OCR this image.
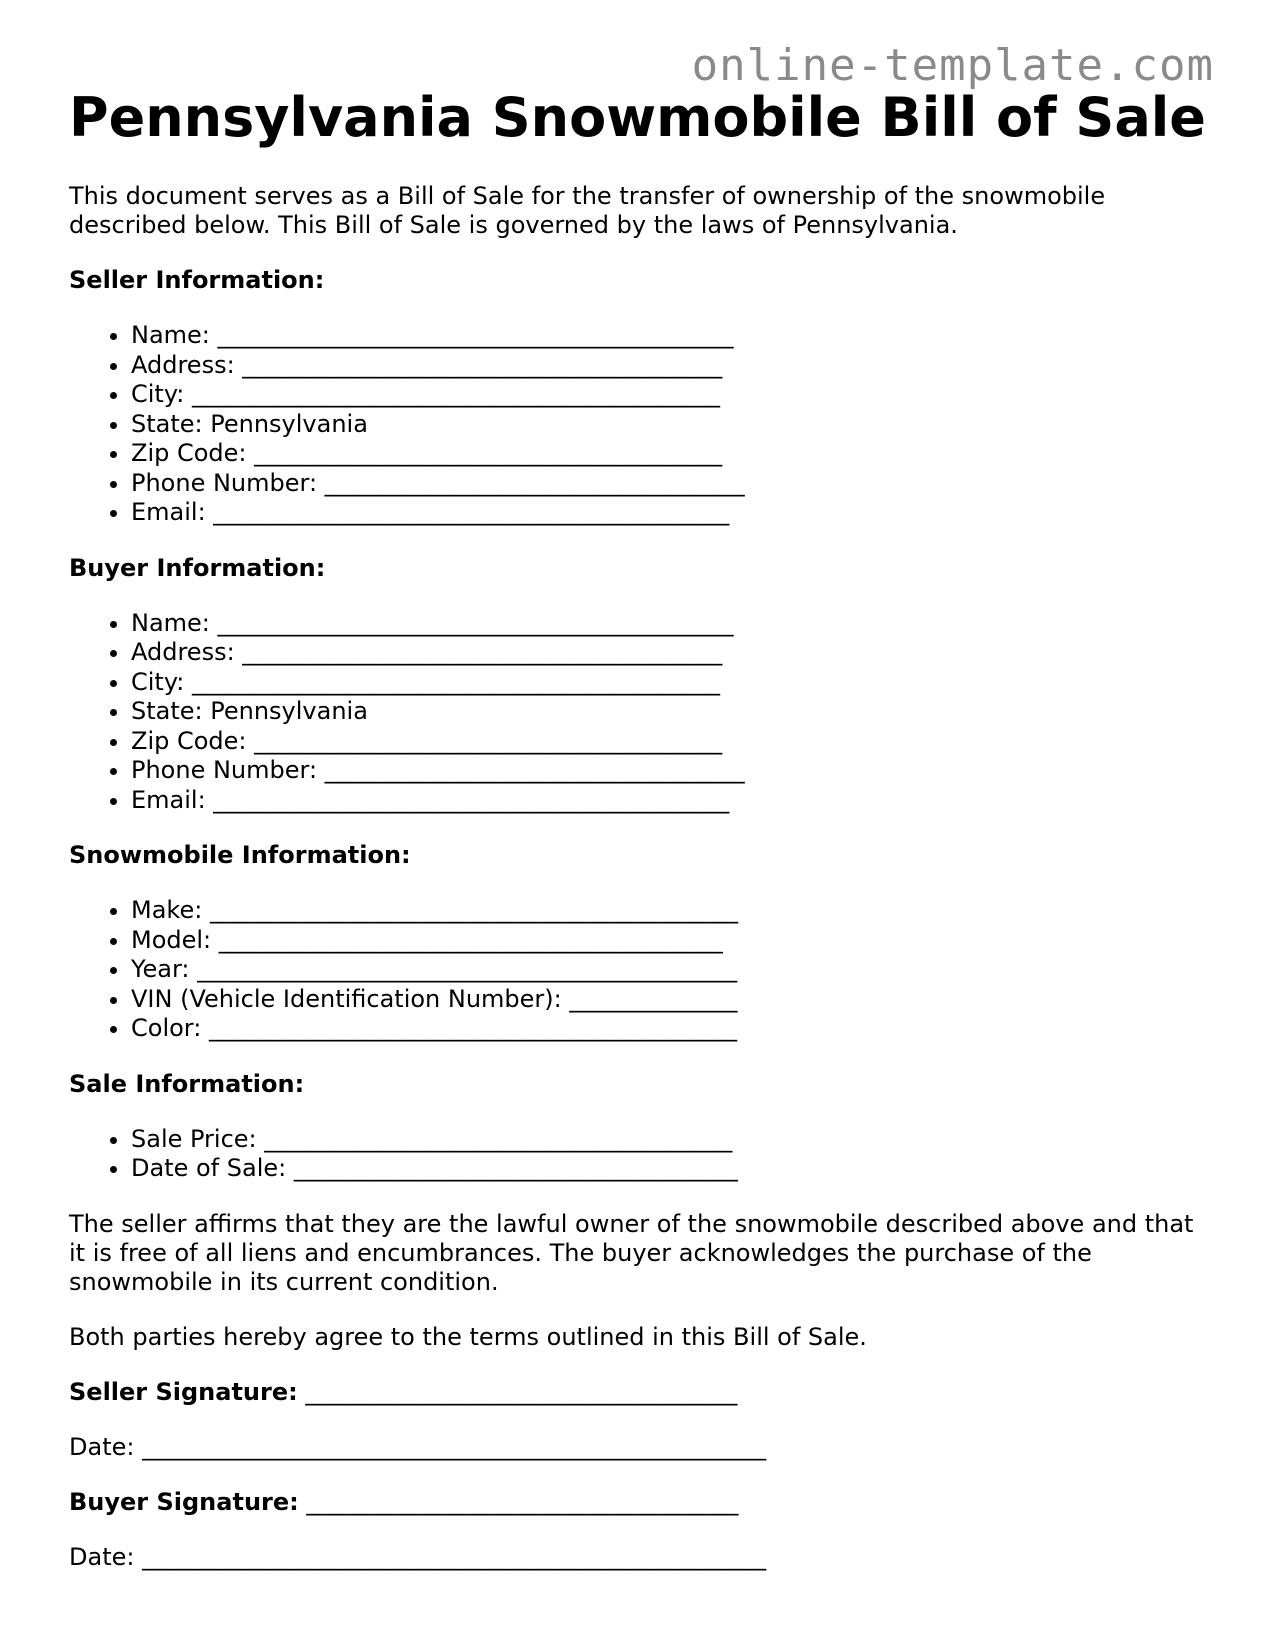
online-template.com
Pennsylvania Snowmobile Bill of Sale

This document serves as a Bill of Sale for the transfer of ownership of the snowmobile described below. This Bill of Sale is governed by the laws of Pennsylvania.

Seller Information:
• Name: ___________________________________________
• Address: ________________________________________
• City: ____________________________________________
• State: Pennsylvania
• Zip Code: _______________________________________
• Phone Number: ___________________________________
• Email: ___________________________________________
Buyer Information:
• Name: ___________________________________________
• Address: ________________________________________
• City: ____________________________________________
• State: Pennsylvania
• Zip Code: _______________________________________
• Phone Number: ___________________________________
• Email: ___________________________________________
Snowmobile Information:
• Make: ____________________________________________
• Model: __________________________________________
• Year: _____________________________________________
• VIN (Vehicle Identification Number): ______________
• Color: ____________________________________________
Sale Information:
• Sale Price: _______________________________________
• Date of Sale: _____________________________________

The seller affirms that they are the lawful owner of the snowmobile described above and that it is free of all liens and encumbrances. The buyer acknowledges the purchase of the snowmobile in its current condition.

Both parties hereby agree to the terms outlined in this Bill of Sale.

Seller Signature: ____________________________________

Date: ____________________________________________________

Buyer Signature: ____________________________________

Date: ____________________________________________________
